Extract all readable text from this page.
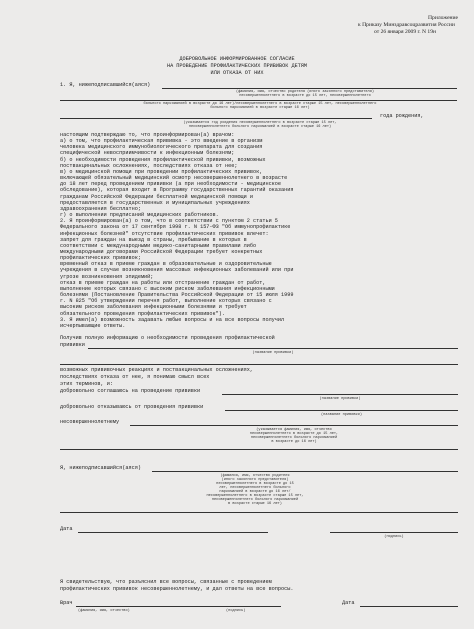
Приложение
к Приказу Минздравсоцразвития России
от 26 января 2009 г. N 19н
ДОБРОВОЛЬНОЕ ИНФОРМИРОВАННОЕ СОГЛАСИЕ
НА ПРОВЕДЕНИЕ ПРОФИЛАКТИЧЕСКИХ ПРИВИВОК ДЕТЯМ
ИЛИ ОТКАЗА ОТ НИХ
1. Я, нижеподписавшийся(аяся)
(фамилия, имя, отчество родителя (иного законного представителя)
несовершеннолетнего в возрасте до 15 лет, несовершеннолетнего
больного наркоманией в возрасте до 16 лет)/несовершеннолетнего в возрасте старше 15 лет, несовершеннолетнего
больного наркоманией в возрасте старше 16 лет)
года рождения,
(указывается год рождения несовершеннолетнего в возрасте старше 15 лет,
несовершеннолетнего больного наркоманией в возрасте старше 16 лет)
настоящим подтверждаю то, что проинформирован(а) врачом:
а) о том, что профилактическая прививка - это введение в организм
человека медицинского иммунобиологического препарата для создания
специфической невосприимчивости к инфекционным болезням;
б) о необходимости проведения профилактической прививки, возможных
поствакцинальных осложнениях, последствиях отказа от нее;
в) о медицинской помощи при проведении профилактических прививок,
включающей обязательный медицинский осмотр несовершеннолетнего в возрасте
до 18 лет перед проведением прививки (а при необходимости - медицинское
обследование), которая входит в Программу государственных гарантий оказания
гражданам Российской Федерации бесплатной медицинской помощи и
предоставляется в государственных и муниципальных учреждениях
здравоохранения бесплатно;
г) о выполнении предписаний медицинских работников.
2. Я проинформирован(а) о том, что в соответствии с пунктом 2 статьи 5
Федерального закона от 17 сентября 1998 г. N 157-ФЗ "Об иммунопрофилактике
инфекционных болезней" отсутствие профилактических прививок влечет:
запрет для граждан на выезд в страны, пребывание в которых в
соответствии с международными медико-санитарными правилами либо
международными договорами Российской Федерации требует конкретных
профилактических прививок;
временный отказ в приеме граждан в образовательные и оздоровительные
учреждения в случае возникновения массовых инфекционных заболеваний или при
угрозе возникновения эпидемий;
отказ в приеме граждан на работы или отстранение граждан от работ,
выполнение которых связано с высоким риском заболевания инфекционными
болезнями (Постановление Правительства Российской Федерации от 15 июля 1999
г. N 825 "Об утверждении перечня работ, выполнение которых связано с
высоким риском заболевания инфекционными болезнями и требует
обязательного проведения профилактических прививок").
3. Я имел(а) возможность задавать любые вопросы и на все вопросы получил
исчерпывающие ответы.
Получив полную информацию о необходимости проведения профилактической
прививки
(название прививки)
возможных прививочных реакциях и поствакцинальных осложнениях,
последствиях отказа от нее, я понимаю смысл всех
этих терминов, и:
добровольно соглашаюсь на проведение прививки
(название прививки)
добровольно отказываюсь от проведения прививки
(название прививки)
несовершеннолетнему
(указывается фамилия, имя, отчество
несовершеннолетнего в возрасте до 15 лет,
несовершеннолетнего больного наркоманией
в возрасте до 16 лет)
Я, нижеподписавшийся(аяся)
(фамилия, имя, отчество родителя
(иного законного представителя)
несовершеннолетнего в возрасте до 15
лет, несовершеннолетнего больного
наркоманией в возрасте до 16 лет/
несовершеннолетнего в возрасте старше 15 лет,
несовершеннолетнего больного наркоманией
в возрасте старше 16 лет)
Дата
(подпись)
Я свидетельствую, что разъяснил все вопросы, связанные с проведением
профилактических прививок несовершеннолетнему, и дал ответы на все вопросы.
Врач
(фамилия, имя, отчество)	(подпись)
Дата
